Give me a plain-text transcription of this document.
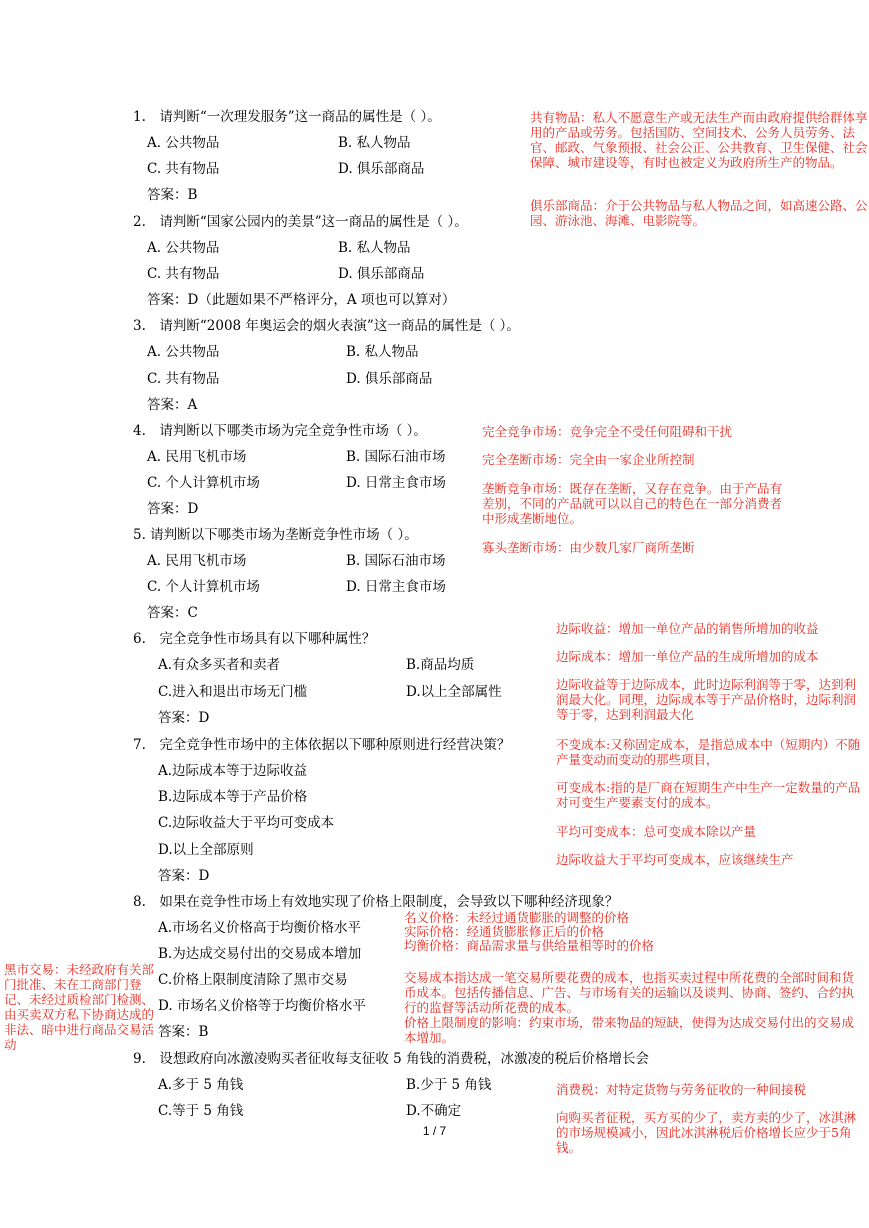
1.　请判断“一次理发服务”这一商品的属性是（ ）。
A. 公共物品	B. 私人物品
C. 共有物品	D. 俱乐部商品
答案：B
2.　请判断“国家公园内的美景”这一商品的属性是（ ）。
A. 公共物品	B. 私人物品
C. 共有物品	D. 俱乐部商品
答案：D（此题如果不严格评分，A 项也可以算对）
3.　请判断“2008 年奥运会的烟火表演”这一商品的属性是（ ）。
A. 公共物品	B. 私人物品
C. 共有物品	D. 俱乐部商品
答案：A
4.　请判断以下哪类市场为完全竞争性市场（ ）。
A. 民用飞机市场	B. 国际石油市场
C. 个人计算机市场	D. 日常主食市场
答案：D
5. 请判断以下哪类市场为垄断竞争性市场（ ）。
A. 民用飞机市场	B. 国际石油市场
C. 个人计算机市场	D. 日常主食市场
答案：C
6.　完全竞争性市场具有以下哪种属性？
A.有众多买者和卖者	B.商品均质
C.进入和退出市场无门槛	D.以上全部属性
答案：D
7.　完全竞争性市场中的主体依据以下哪种原则进行经营决策？
A.边际成本等于边际收益
B.边际成本等于产品价格
C.边际收益大于平均可变成本
D.以上全部原则
答案：D
8.　如果在竞争性市场上有效地实现了价格上限制度，会导致以下哪种经济现象？
A.市场名义价格高于均衡价格水平
B.为达成交易付出的交易成本增加
C.价格上限制度清除了黑市交易
D. 市场名义价格等于均衡价格水平
答案：B
9.　设想政府向冰激凌购买者征收每支征收 5 角钱的消费税，冰激凌的税后价格增长会
A.多于 5 角钱	B.少于 5 角钱
C.等于 5 角钱	D.不确定
共有物品：私人不愿意生产或无法生产而由政府提供给群体享用的产品或劳务。包括国防、空间技术、公务人员劳务、法官、邮政、气象预报、社会公正、公共教育、卫生保健、社会保障、城市建设等，有时也被定义为政府所生产的物品。
俱乐部商品：介于公共物品与私人物品之间，如高速公路、公园、游泳池、海滩、电影院等。
完全竞争市场：竞争完全不受任何阻碍和干扰
完全垄断市场：完全由一家企业所控制
垄断竞争市场：既存在垄断，又存在竞争。由于产品有差别，不同的产品就可以以自己的特色在一部分消费者中形成垄断地位。
寡头垄断市场：由少数几家厂商所垄断
边际收益：增加一单位产品的销售所增加的收益
边际成本：增加一单位产品的生成所增加的成本
边际收益等于边际成本，此时边际利润等于零，达到利润最大化。同理，边际成本等于产品价格时，边际利润等于零，达到利润最大化
不变成本:又称固定成本，是指总成本中（短期内）不随产量变动而变动的那些项目，
可变成本:指的是厂商在短期生产中生产一定数量的产品对可变生产要素支付的成本。
平均可变成本：总可变成本除以产量
边际收益大于平均可变成本，应该继续生产
名义价格：未经过通货膨胀的调整的价格
实际价格：经通货膨胀修正后的价格
均衡价格：商品需求量与供给量相等时的价格
黑市交易：未经政府有关部门批准、未在工商部门登记、未经过质检部门检测、由买卖双方私下协商达成的非法、暗中进行商品交易活动
交易成本指达成一笔交易所要花费的成本，也指买卖过程中所花费的全部时间和货币成本。包括传播信息、广告、与市场有关的运输以及谈判、协商、签约、合约执行的监督等活动所花费的成本。
价格上限制度的影响：约束市场，带来物品的短缺，使得为达成交易付出的交易成本增加。
消费税：对特定货物与劳务征收的一种间接税
向购买者征税，买方买的少了，卖方卖的少了，冰淇淋的市场规模减小，因此冰淇淋税后价格增长应少于5角钱。
1 / 7
